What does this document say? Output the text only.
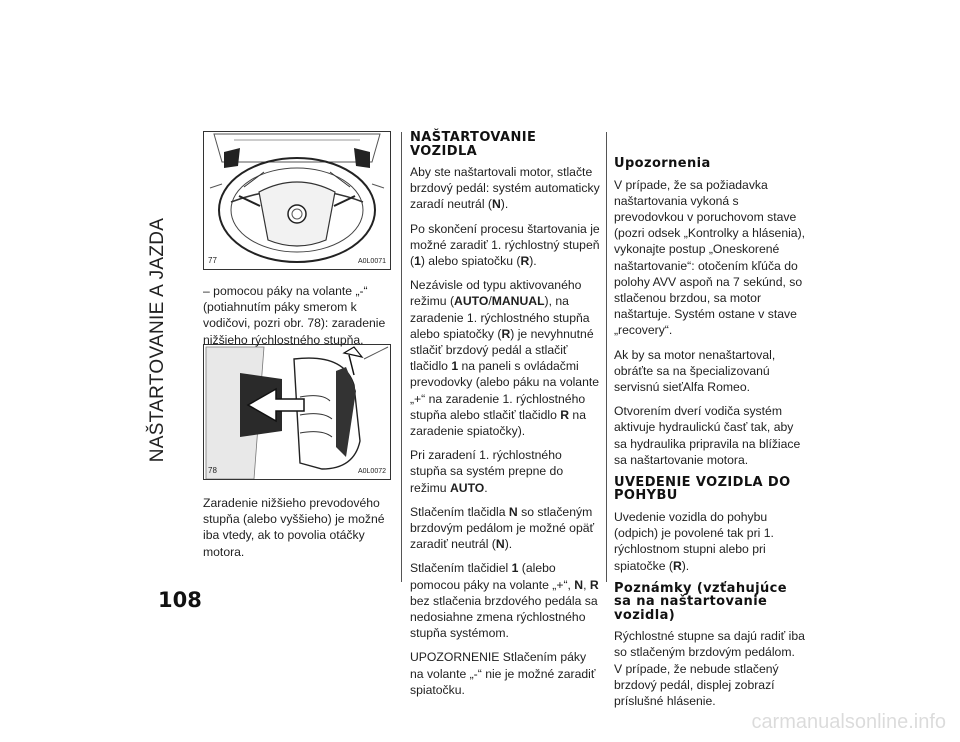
NAŠTARTOVANIE A JAZDA
108
77	A0L0071
78	A0L0072

– pomocou páky na volante „-“ (potiahnutím páky smerom k vodičovi, pozri obr. 78): zaradenie nižšieho rýchlostného stupňa.

Zaradenie nižšieho prevodového stupňa (alebo vyššieho) je možné iba vtedy, ak to povolia otáčky motora.

NAŠTARTOVANIE VOZIDLA

Aby ste naštartovali motor, stlačte brzdový pedál: systém automaticky zaradí neutrál (N).

Po skončení procesu štartovania je možné zaradiť 1. rýchlostný stupeň (1) alebo spiatočku (R).

Nezávisle od typu aktivovaného režimu (AUTO/MANUAL), na zaradenie 1. rýchlostného stupňa alebo spiatočky (R) je nevyhnutné stlačiť brzdový pedál a stlačiť tlačidlo 1 na paneli s ovládačmi prevodovky (alebo páku na volante „+“ na zaradenie 1. rýchlostného stupňa alebo stlačiť tlačidlo R na zaradenie spiatočky).

Pri zaradení 1. rýchlostného stupňa sa systém prepne do režimu AUTO.

Stlačením tlačidla N so stlačeným brzdovým pedálom je možné opäť zaradiť neutrál (N).

Stlačením tlačidiel 1 (alebo pomocou páky na volante „+“, N, R bez stlačenia brzdového pedála sa nedosiahne zmena rýchlostného stupňa systémom.

UPOZORNENIE Stlačením páky na volante „-“ nie je možné zaradiť spiatočku.

Upozornenia

V prípade, že sa požiadavka naštartovania vykoná s prevodovkou v poruchovom stave (pozri odsek „Kontrolky a hlásenia), vykonajte postup „Oneskorené naštartovanie“: otočením kľúča do polohy AVV aspoň na 7 sekúnd, so stlačenou brzdou, sa motor naštartuje. Systém ostane v stave „recovery“.

Ak by sa motor nenaštartoval, obráťte sa na špecializovanú servisnú sieťAlfa Romeo.

Otvorením dverí vodiča systém aktivuje hydraulickú časť tak, aby sa hydraulika pripravila na blížiace sa naštartovanie motora.

UVEDENIE VOZIDLA DO POHYBU

Uvedenie vozidla do pohybu (odpich) je povolené tak pri 1. rýchlostnom stupni alebo pri spiatočke (R).

Poznámky (vzťahujúce sa na naštartovanie vozidla)

Rýchlostné stupne sa dajú radiť iba so stlačeným brzdovým pedálom. V prípade, že nebude stlačený brzdový pedál, displej zobrazí príslušné hlásenie.

carmanualsonline.info
